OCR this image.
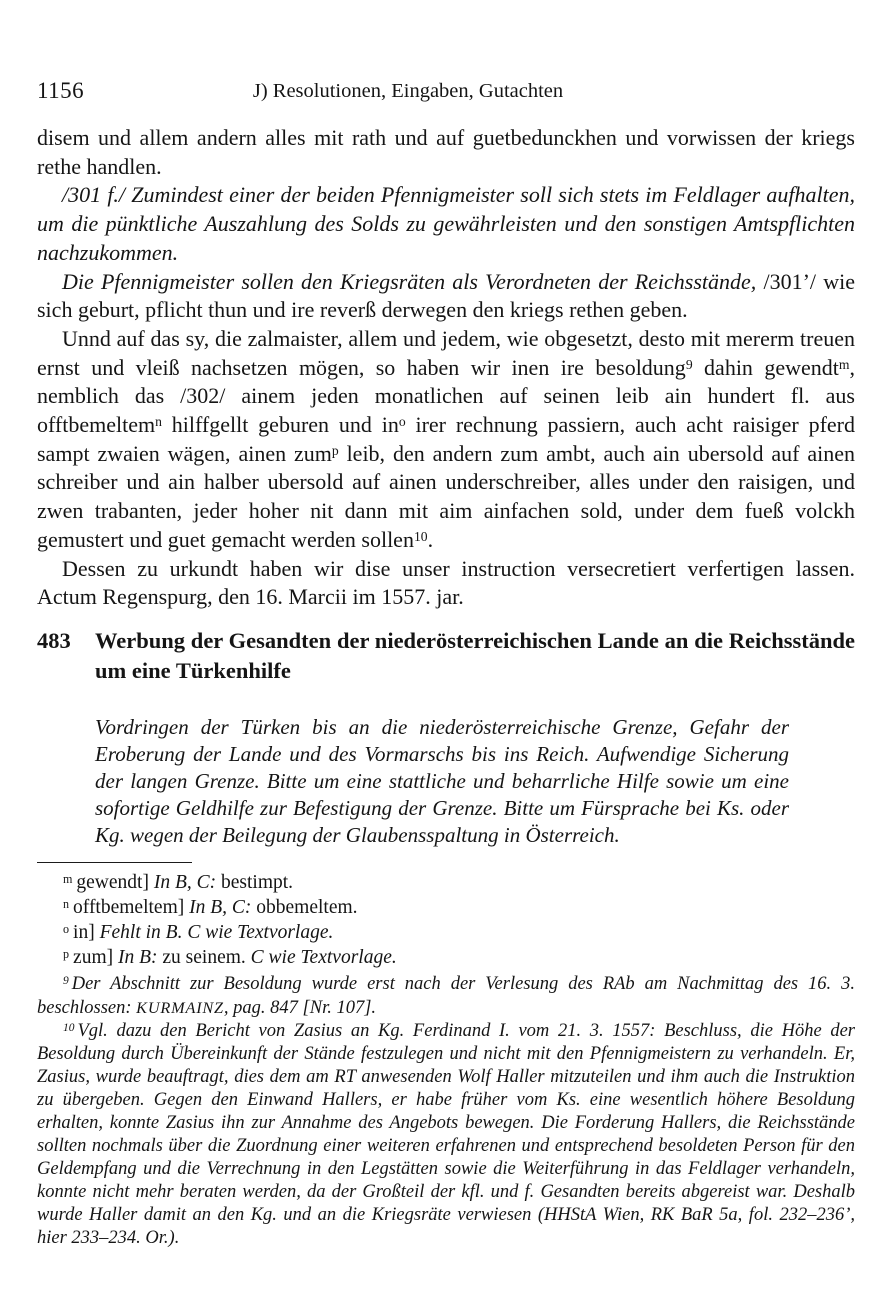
1156	J) Resolutionen, Eingaben, Gutachten

disem und allem andern alles mit rath und auf guetbedunckhen und vorwissen der kriegs rethe handlen.

/301 f./ Zumindest einer der beiden Pfennigmeister soll sich stets im Feldlager aufhalten, um die pünktliche Auszahlung des Solds zu gewährleisten und den sonstigen Amtspflichten nachzukommen.

Die Pfennigmeister sollen den Kriegsräten als Verordneten der Reichsstände, /301’/ wie sich geburt, pflicht thun und ire reverß derwegen den kriegs rethen geben.

Unnd auf das sy, die zalmaister, allem und jedem, wie obgesetzt, desto mit mererm treuen ernst und vleiß nachsetzen mögen, so haben wir inen ire besoldung$^9$ dahin gewendt$^m$, nemblich das /302/ ainem jeden monatlichen auf seinen leib ain hundert fl. aus offtbemeltem$^n$ hilffgellt geburen und $in^o$ irer rechnung passiern, auch acht raisiger pferd sampt zwaien wägen, ainen zum$^p$ leib, den andern zum ambt, auch ain ubersold auf ainen schreiber und ain halber ubersold auf ainen underschreiber, alles under den raisigen, und zwen trabanten, jeder hoher nit dann mit aim ainfachen sold, under dem fueß volckh gemustert und guet gemacht werden sollen$^{10}$.

Dessen zu urkundt haben wir dise unser instruction versecretiert verfertigen lassen. Actum Regenspurg, den 16. Marcii im 1557. jar.

483	Werbung der Gesandten der niederösterreichischen Lande an die Reichsstände um eine Türkenhilfe

Vordringen der Türken bis an die niederösterreichische Grenze, Gefahr der Eroberung der Lande und des Vormarschs bis ins Reich. Aufwendige Sicherung der langen Grenze. Bitte um eine stattliche und beharrliche Hilfe sowie um eine sofortige Geldhilfe zur Befestigung der Grenze. Bitte um Fürsprache bei Ks. oder Kg. wegen der Beilegung der Glaubensspaltung in Österreich.

$^m$ gewendt] In B, C: bestimpt.

$^n$ offtbemeltem] In B, C: obbemeltem.

$^o$ in] Fehlt in B. C wie Textvorlage.

$^p$ zum] In B: zu seinem. C wie Textvorlage.

$^9$ Der Abschnitt zur Besoldung wurde erst nach der Verlesung des RAb am Nachmittag des 16. 3. beschlossen: KURMAINZ, pag. 847 [Nr. 107].

$^{10}$ Vgl. dazu den Bericht von Zasius an Kg. Ferdinand I. vom 21. 3. 1557: Beschluss, die Höhe der Besoldung durch Übereinkunft der Stände festzulegen und nicht mit den Pfennigmeistern zu verhandeln. Er, Zasius, wurde beauftragt, dies dem am RT anwesenden Wolf Haller mitzuteilen und ihm auch die Instruktion zu übergeben. Gegen den Einwand Hallers, er habe früher vom Ks. eine wesentlich höhere Besoldung erhalten, konnte Zasius ihn zur Annahme des Angebots bewegen. Die Forderung Hallers, die Reichsstände sollten nochmals über die Zuordnung einer weiteren erfahrenen und entsprechend besoldeten Person für den Geldempfang und die Verrechnung in den Legstätten sowie die Weiterführung in das Feldlager verhandeln, konnte nicht mehr beraten werden, da der Großteil der kfl. und f. Gesandten bereits abgereist war. Deshalb wurde Haller damit an den Kg. und an die Kriegsräte verwiesen (HHStA Wien, RK BaR 5a, fol. 232–236’, hier 233–234. Or.).
